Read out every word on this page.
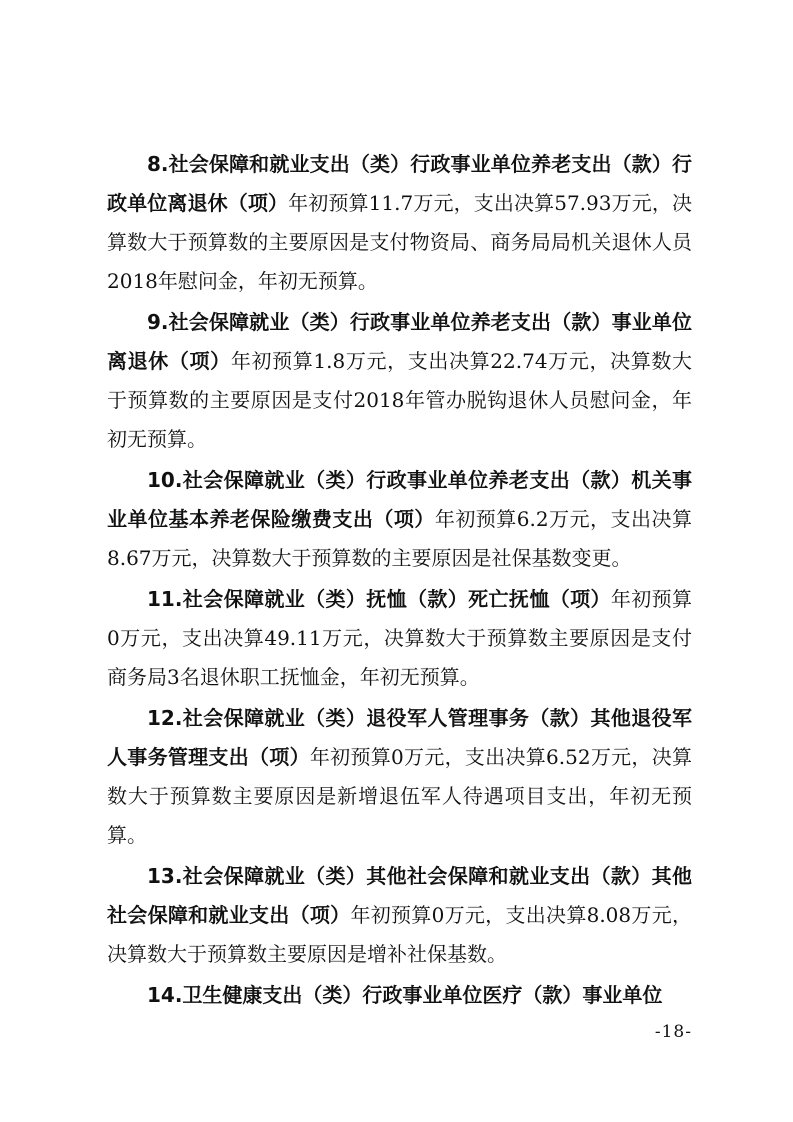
8.社会保障和就业支出（类）行政事业单位养老支出（款）行政单位离退休（项）年初预算11.7万元，支出决算57.93万元，决算数大于预算数的主要原因是支付物资局、商务局局机关退休人员2018年慰问金，年初无预算。

9.社会保障就业（类）行政事业单位养老支出（款）事业单位离退休（项）年初预算1.8万元，支出决算22.74万元，决算数大于预算数的主要原因是支付2018年管办脱钩退休人员慰问金，年初无预算。

10.社会保障就业（类）行政事业单位养老支出（款）机关事业单位基本养老保险缴费支出（项）年初预算6.2万元，支出决算8.67万元，决算数大于预算数的主要原因是社保基数变更。

11.社会保障就业（类）抚恤（款）死亡抚恤（项）年初预算0万元，支出决算49.11万元，决算数大于预算数主要原因是支付商务局3名退休职工抚恤金，年初无预算。

12.社会保障就业（类）退役军人管理事务（款）其他退役军人事务管理支出（项）年初预算0万元，支出决算6.52万元，决算数大于预算数主要原因是新增退伍军人待遇项目支出，年初无预算。

13.社会保障就业（类）其他社会保障和就业支出（款）其他社会保障和就业支出（项）年初预算0万元，支出决算8.08万元，决算数大于预算数主要原因是增补社保基数。

14.卫生健康支出（类）行政事业单位医疗（款）事业单位

-18-
